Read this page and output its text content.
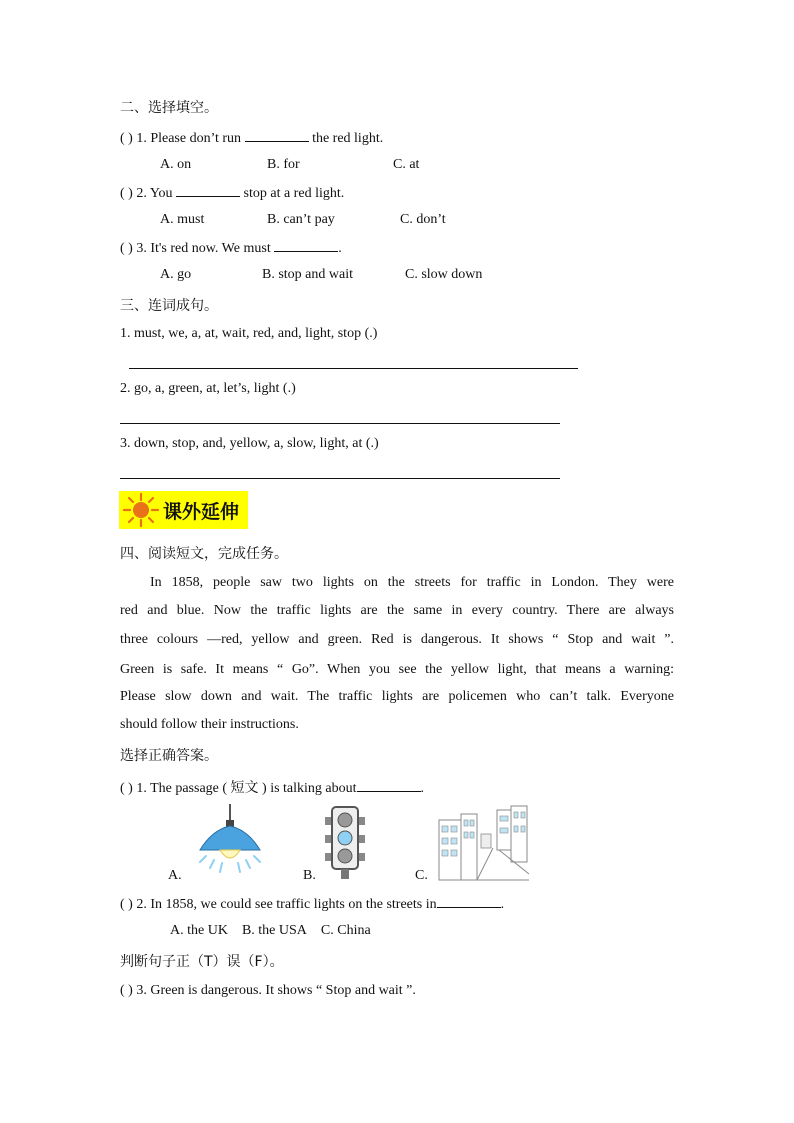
二、选择填空。
( ) 1. Please don’t run	the red light.
A. on	B. for	C. at
( ) 2. You	stop at a red light.
A. must	B. can’t pay	C. don’t
( ) 3. It's red now. We must	.
A. go	B. stop and wait	C. slow down
三、连词成句。
1. must, we, a, at, wait, red, and, light, stop (.)
2. go, a, green, at, let’s, light (.)
3. down, stop, and, yellow, a, slow, light, at (.)
课外延伸
四、阅读短文，完成任务。
In 1858, people saw two lights on the streets for traffic in London. They were
red and blue. Now the traffic lights are the same in every country. There are always
three colours —red, yellow and green. Red is dangerous. It shows “ Stop and wait ”.
Green is safe. It means “ Go”. When you see the yellow light, that means a warning:
Please slow down and wait. The traffic lights are policemen who can’t talk. Everyone
should follow their instructions.
选择正确答案。
( ) 1. The passage ( 短文 ) is talking about	.
A.	B.	C.
( ) 2. In 1858, we could see traffic lights on the streets in	.
A. the UK B. the USA C. China
判断句子正（T）误（F）。
( ) 3. Green is dangerous. It shows “ Stop and wait ”.
